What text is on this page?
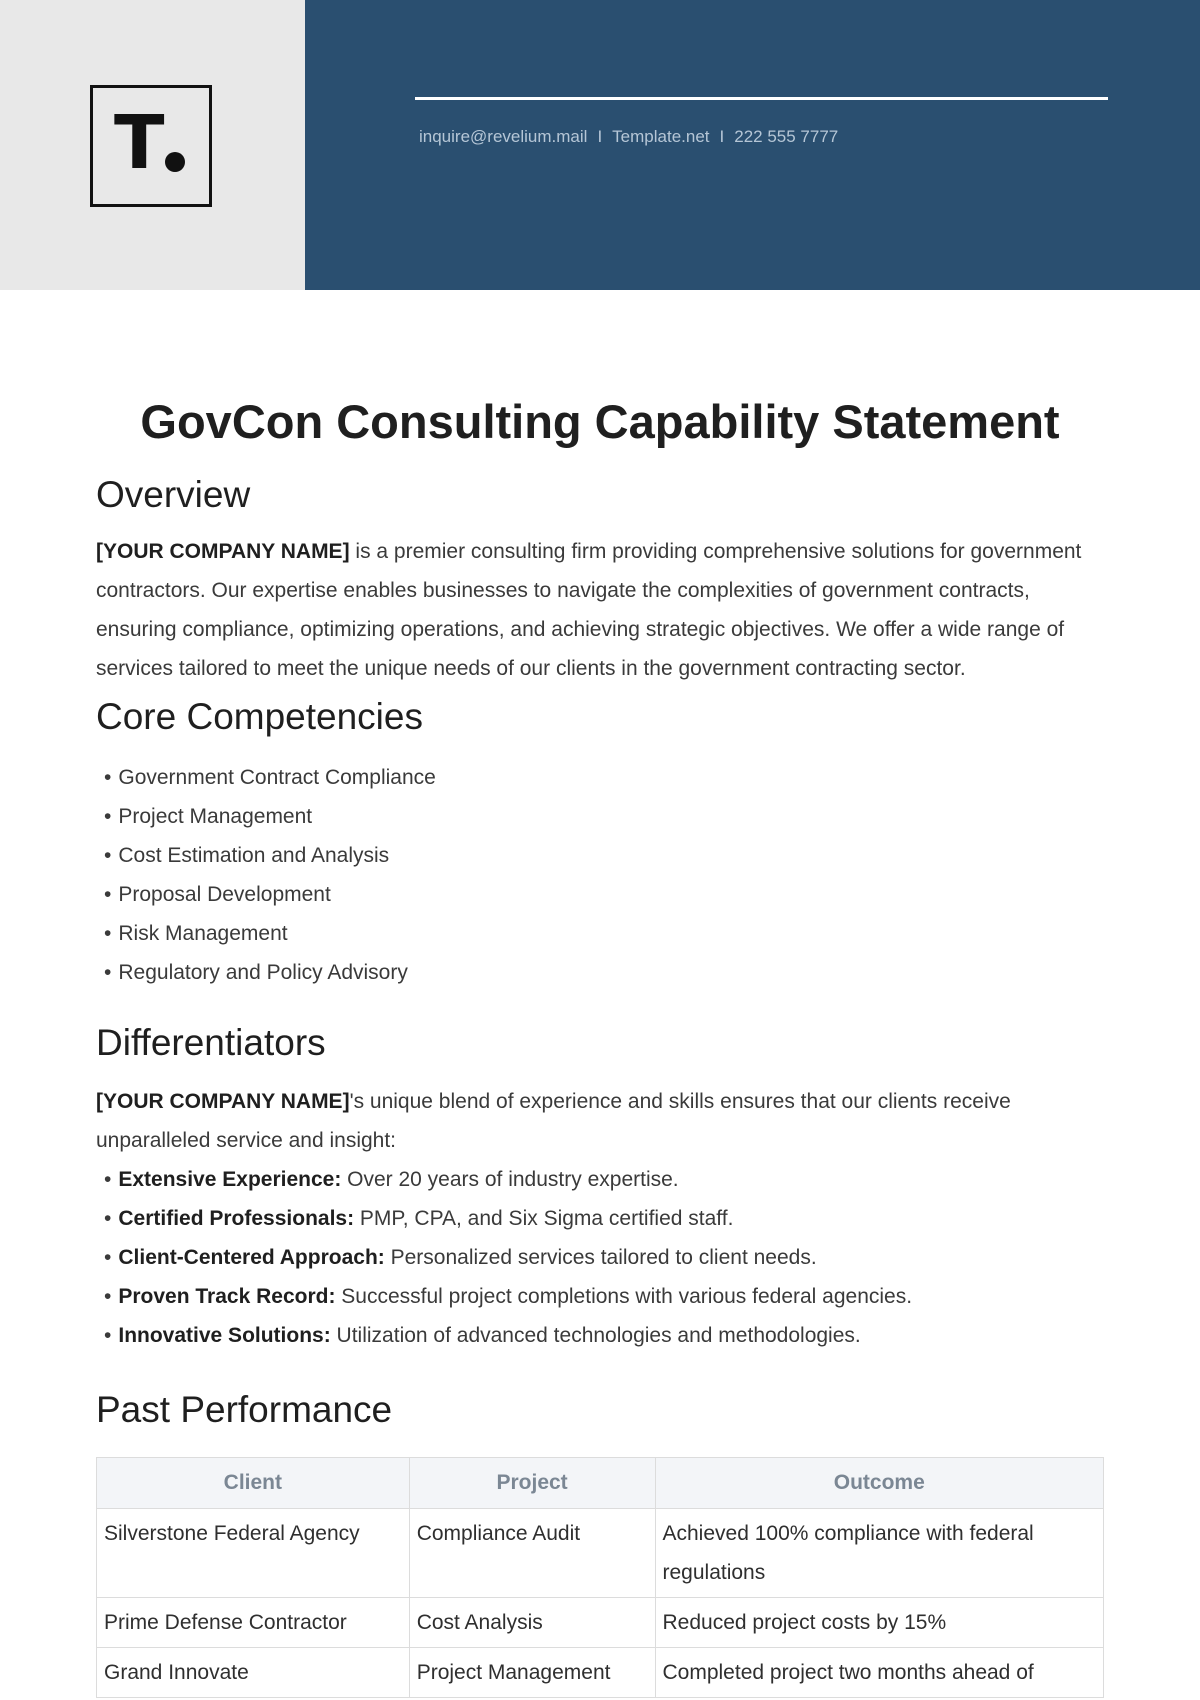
T	inquire@revelium.mail I Template.net I 222 555 7777
GovCon Consulting Capability Statement
Overview

[YOUR COMPANY NAME] is a premier consulting firm providing comprehensive solutions for government contractors. Our expertise enables businesses to navigate the complexities of government contracts, ensuring compliance, optimizing operations, and achieving strategic objectives. We offer a wide range of services tailored to meet the unique needs of our clients in the government contracting sector.

Core Competencies
• Government Contract Compliance
• Project Management
• Cost Estimation and Analysis
• Proposal Development
• Risk Management
• Regulatory and Policy Advisory
Differentiators

[YOUR COMPANY NAME]'s unique blend of experience and skills ensures that our clients receive unparalleled service and insight:

• Extensive Experience: Over 20 years of industry expertise.
• Certified Professionals: PMP, CPA, and Six Sigma certified staff.
• Client-Centered Approach: Personalized services tailored to client needs.
• Proven Track Record: Successful project completions with various federal agencies.
• Innovative Solutions: Utilization of advanced technologies and methodologies.
Past Performance
Client	Project	Outcome
Silverstone Federal Agency	Compliance Audit	Achieved 100% compliance with federal regulations
Prime Defense Contractor	Cost Analysis	Reduced project costs by 15%
Grand Innovate	Project Management	Completed project two months ahead of
